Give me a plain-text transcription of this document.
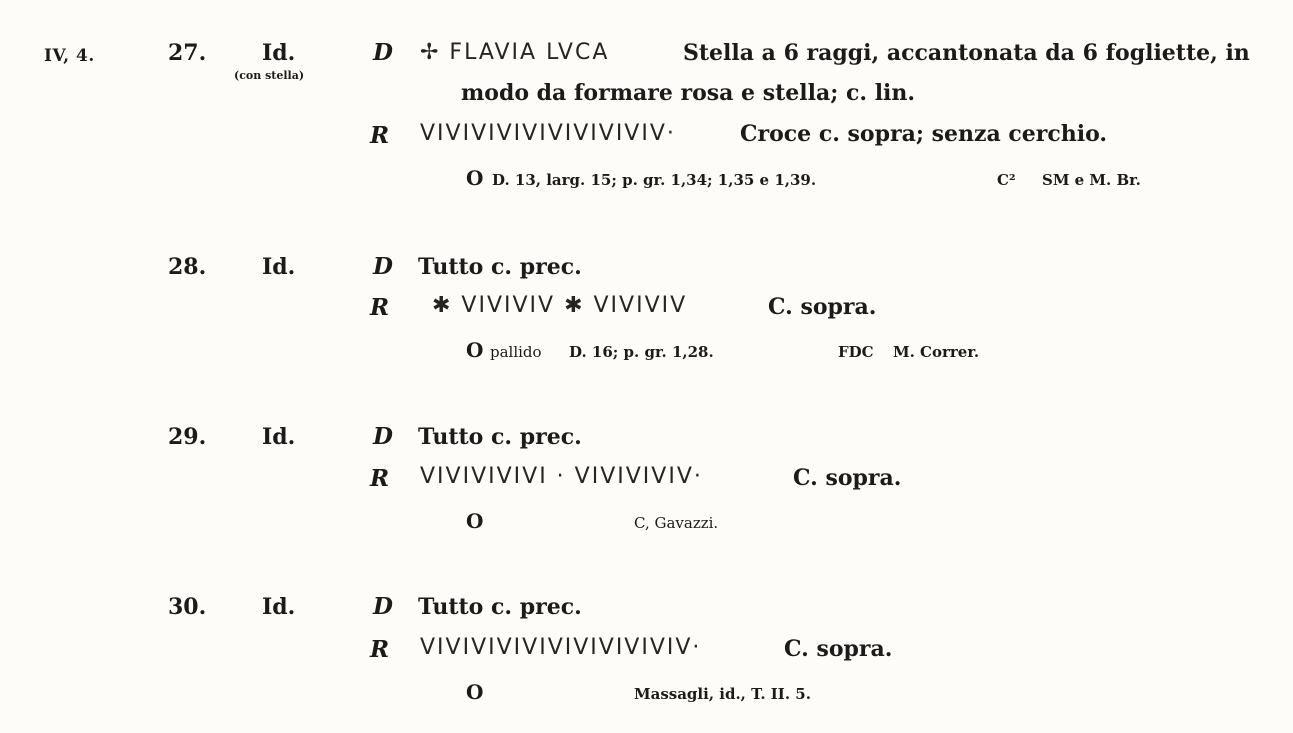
IV, 4.	27.	Id.
(con stella)
D ✢ FLAVIA LVCA	Stella a 6 raggi, accantonata da 6 fogliette, in
modo da formare rosa e stella; c. lin.
R VIVIVIVIVIVIVIVIVIV·	Croce c. sopra; senza cerchio.
O D. 13, larg. 15; p. gr. 1,34; 1,35 e 1,39.	C² SM e M. Br.
28.	Id.	D Tutto c. prec.
R ✱ VIVIVIV ✱ VIVIVIV	C. sopra.
O pallido D. 16; p. gr. 1,28.	FDC M. Correr.
29.	Id.	D Tutto c. prec.
R VIVIVIVIVI · VIVIVIVIV·	C. sopra.
O	C, Gavazzi.
30.	Id.	D Tutto c. prec.
R VIVIVIVIVIVIVIVIVIVIV·	C. sopra.
O	Massagli, id., T. II. 5.
